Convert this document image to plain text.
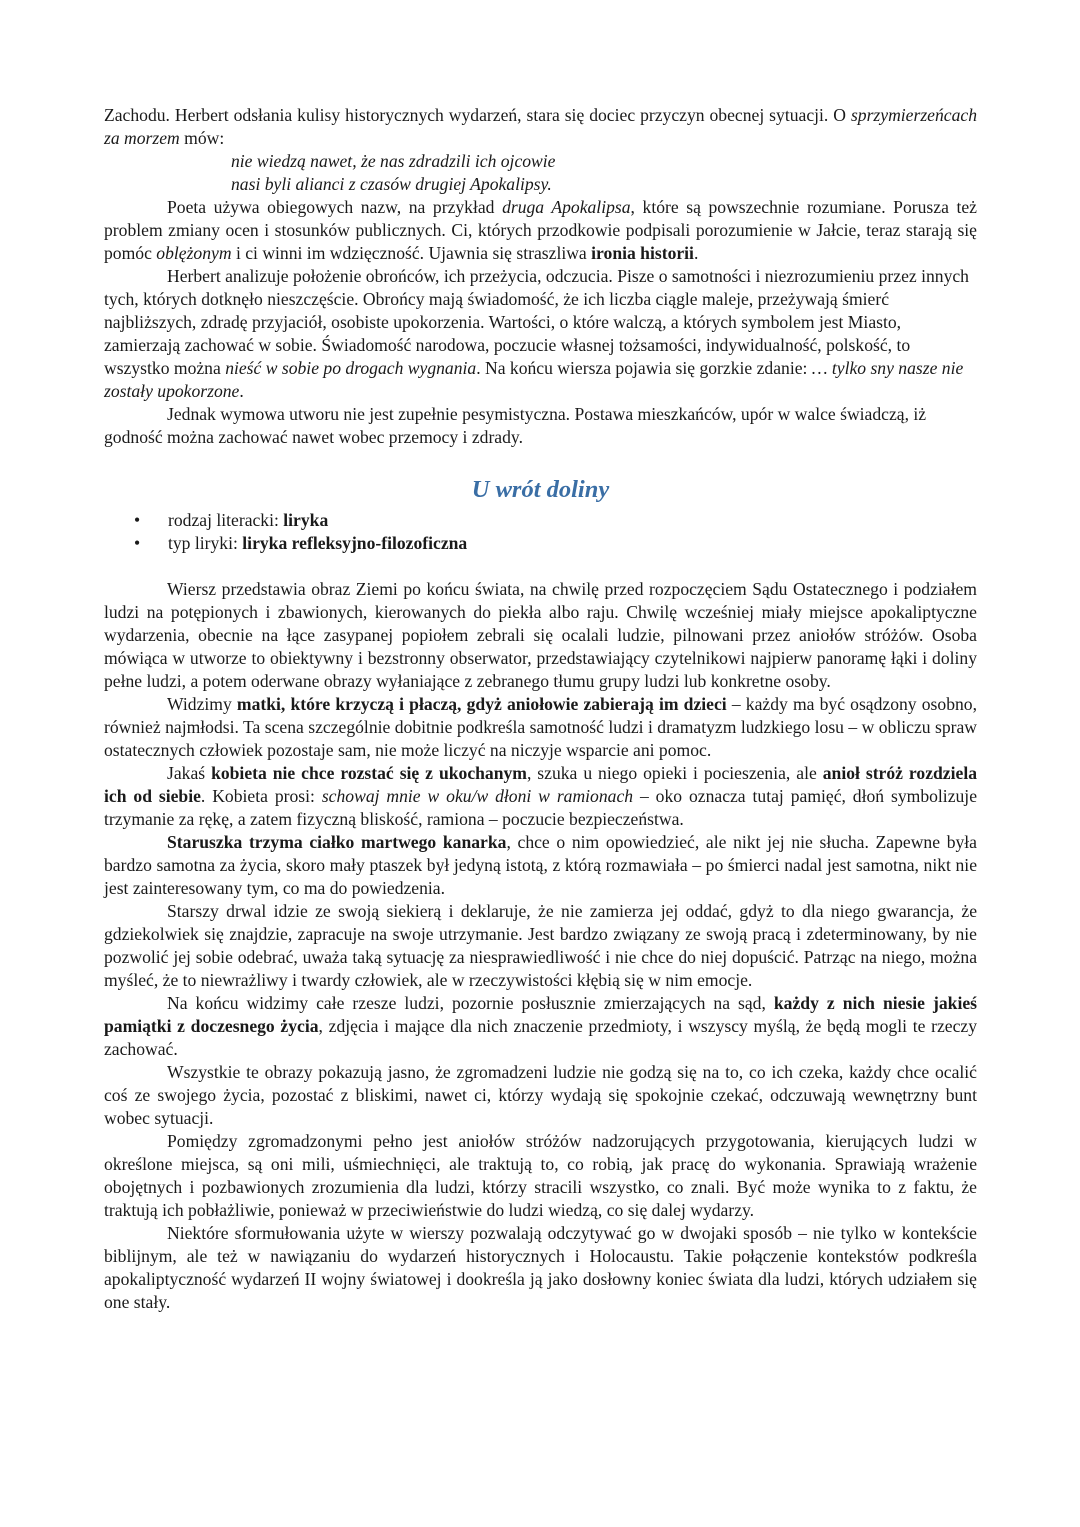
Zachodu. Herbert odsłania kulisy historycznych wydarzeń, stara się dociec przyczyn obecnej sytuacji. O sprzymierzeńcach za morzem mów:

nie wiedzą nawet, że nas zdradzili ich ojcowie
nasi byli alianci z czasów drugiej Apokalipsy.

Poeta używa obiegowych nazw, na przykład druga Apokalipsa, które są powszechnie rozumiane. Porusza też problem zmiany ocen i stosunków publicznych. Ci, których przodkowie podpisali porozumienie w Jałcie, teraz starają się pomóc oblężonym i ci winni im wdzięczność. Ujawnia się straszliwa ironia historii.

Herbert analizuje położenie obrońców, ich przeżycia, odczucia. Pisze o samotności i niezrozumieniu przez innych tych, których dotknęło nieszczęście. Obrońcy mają świadomość, że ich liczba ciągle maleje, przeżywają śmierć najbliższych, zdradę przyjaciół, osobiste upokorzenia. Wartości, o które walczą, a których symbolem jest Miasto, zamierzają zachować w sobie. Świadomość narodowa, poczucie własnej tożsamości, indywidualność, polskość, to wszystko można nieść w sobie po drogach wygnania. Na końcu wiersza pojawia się gorzkie zdanie: … tylko sny nasze nie zostały upokorzone.

Jednak wymowa utworu nie jest zupełnie pesymistyczna. Postawa mieszkańców, upór w walce świadczą, iż godność można zachować nawet wobec przemocy i zdrady.

U wrót doliny
• rodzaj literacki: liryka
• typ liryki: liryka refleksyjno-filozoficzna

Wiersz przedstawia obraz Ziemi po końcu świata, na chwilę przed rozpoczęciem Sądu Ostatecznego i podziałem ludzi na potępionych i zbawionych, kierowanych do piekła albo raju. Chwilę wcześniej miały miejsce apokaliptyczne wydarzenia, obecnie na łące zasypanej popiołem zebrali się ocalali ludzie, pilnowani przez aniołów stróżów. Osoba mówiąca w utworze to obiektywny i bezstronny obserwator, przedstawiający czytelnikowi najpierw panoramę łąki i doliny pełne ludzi, a potem oderwane obrazy wyłaniające z zebranego tłumu grupy ludzi lub konkretne osoby.

Widzimy matki, które krzyczą i płaczą, gdyż aniołowie zabierają im dzieci – każdy ma być osądzony osobno, również najmłodsi. Ta scena szczególnie dobitnie podkreśla samotność ludzi i dramatyzm ludzkiego losu – w obliczu spraw ostatecznych człowiek pozostaje sam, nie może liczyć na niczyje wsparcie ani pomoc.

Jakaś kobieta nie chce rozstać się z ukochanym, szuka u niego opieki i pocieszenia, ale anioł stróż rozdziela ich od siebie. Kobieta prosi: schowaj mnie w oku/w dłoni w ramionach – oko oznacza tutaj pamięć, dłoń symbolizuje trzymanie za rękę, a zatem fizyczną bliskość, ramiona – poczucie bezpieczeństwa.

Staruszka trzyma ciałko martwego kanarka, chce o nim opowiedzieć, ale nikt jej nie słucha. Zapewne była bardzo samotna za życia, skoro mały ptaszek był jedyną istotą, z którą rozmawiała – po śmierci nadal jest samotna, nikt nie jest zainteresowany tym, co ma do powiedzenia.

Starszy drwal idzie ze swoją siekierą i deklaruje, że nie zamierza jej oddać, gdyż to dla niego gwarancja, że gdziekolwiek się znajdzie, zapracuje na swoje utrzymanie. Jest bardzo związany ze swoją pracą i zdeterminowany, by nie pozwolić jej sobie odebrać, uważa taką sytuację za niesprawiedliwość i nie chce do niej dopuścić. Patrząc na niego, można myśleć, że to niewrażliwy i twardy człowiek, ale w rzeczywistości kłębią się w nim emocje.

Na końcu widzimy całe rzesze ludzi, pozornie posłusznie zmierzających na sąd, każdy z nich niesie jakieś pamiątki z doczesnego życia, zdjęcia i mające dla nich znaczenie przedmioty, i wszyscy myślą, że będą mogli te rzeczy zachować.

Wszystkie te obrazy pokazują jasno, że zgromadzeni ludzie nie godzą się na to, co ich czeka, każdy chce ocalić coś ze swojego życia, pozostać z bliskimi, nawet ci, którzy wydają się spokojnie czekać, odczuwają wewnętrzny bunt wobec sytuacji.

Pomiędzy zgromadzonymi pełno jest aniołów stróżów nadzorujących przygotowania, kierujących ludzi w określone miejsca, są oni mili, uśmiechnięci, ale traktują to, co robią, jak pracę do wykonania. Sprawiają wrażenie obojętnych i pozbawionych zrozumienia dla ludzi, którzy stracili wszystko, co znali. Być może wynika to z faktu, że traktują ich pobłażliwie, ponieważ w przeciwieństwie do ludzi wiedzą, co się dalej wydarzy.

Niektóre sformułowania użyte w wierszy pozwalają odczytywać go w dwojaki sposób – nie tylko w kontekście biblijnym, ale też w nawiązaniu do wydarzeń historycznych i Holocaustu. Takie połączenie kontekstów podkreśla apokaliptyczność wydarzeń II wojny światowej i dookreśla ją jako dosłowny koniec świata dla ludzi, których udziałem się one stały.
